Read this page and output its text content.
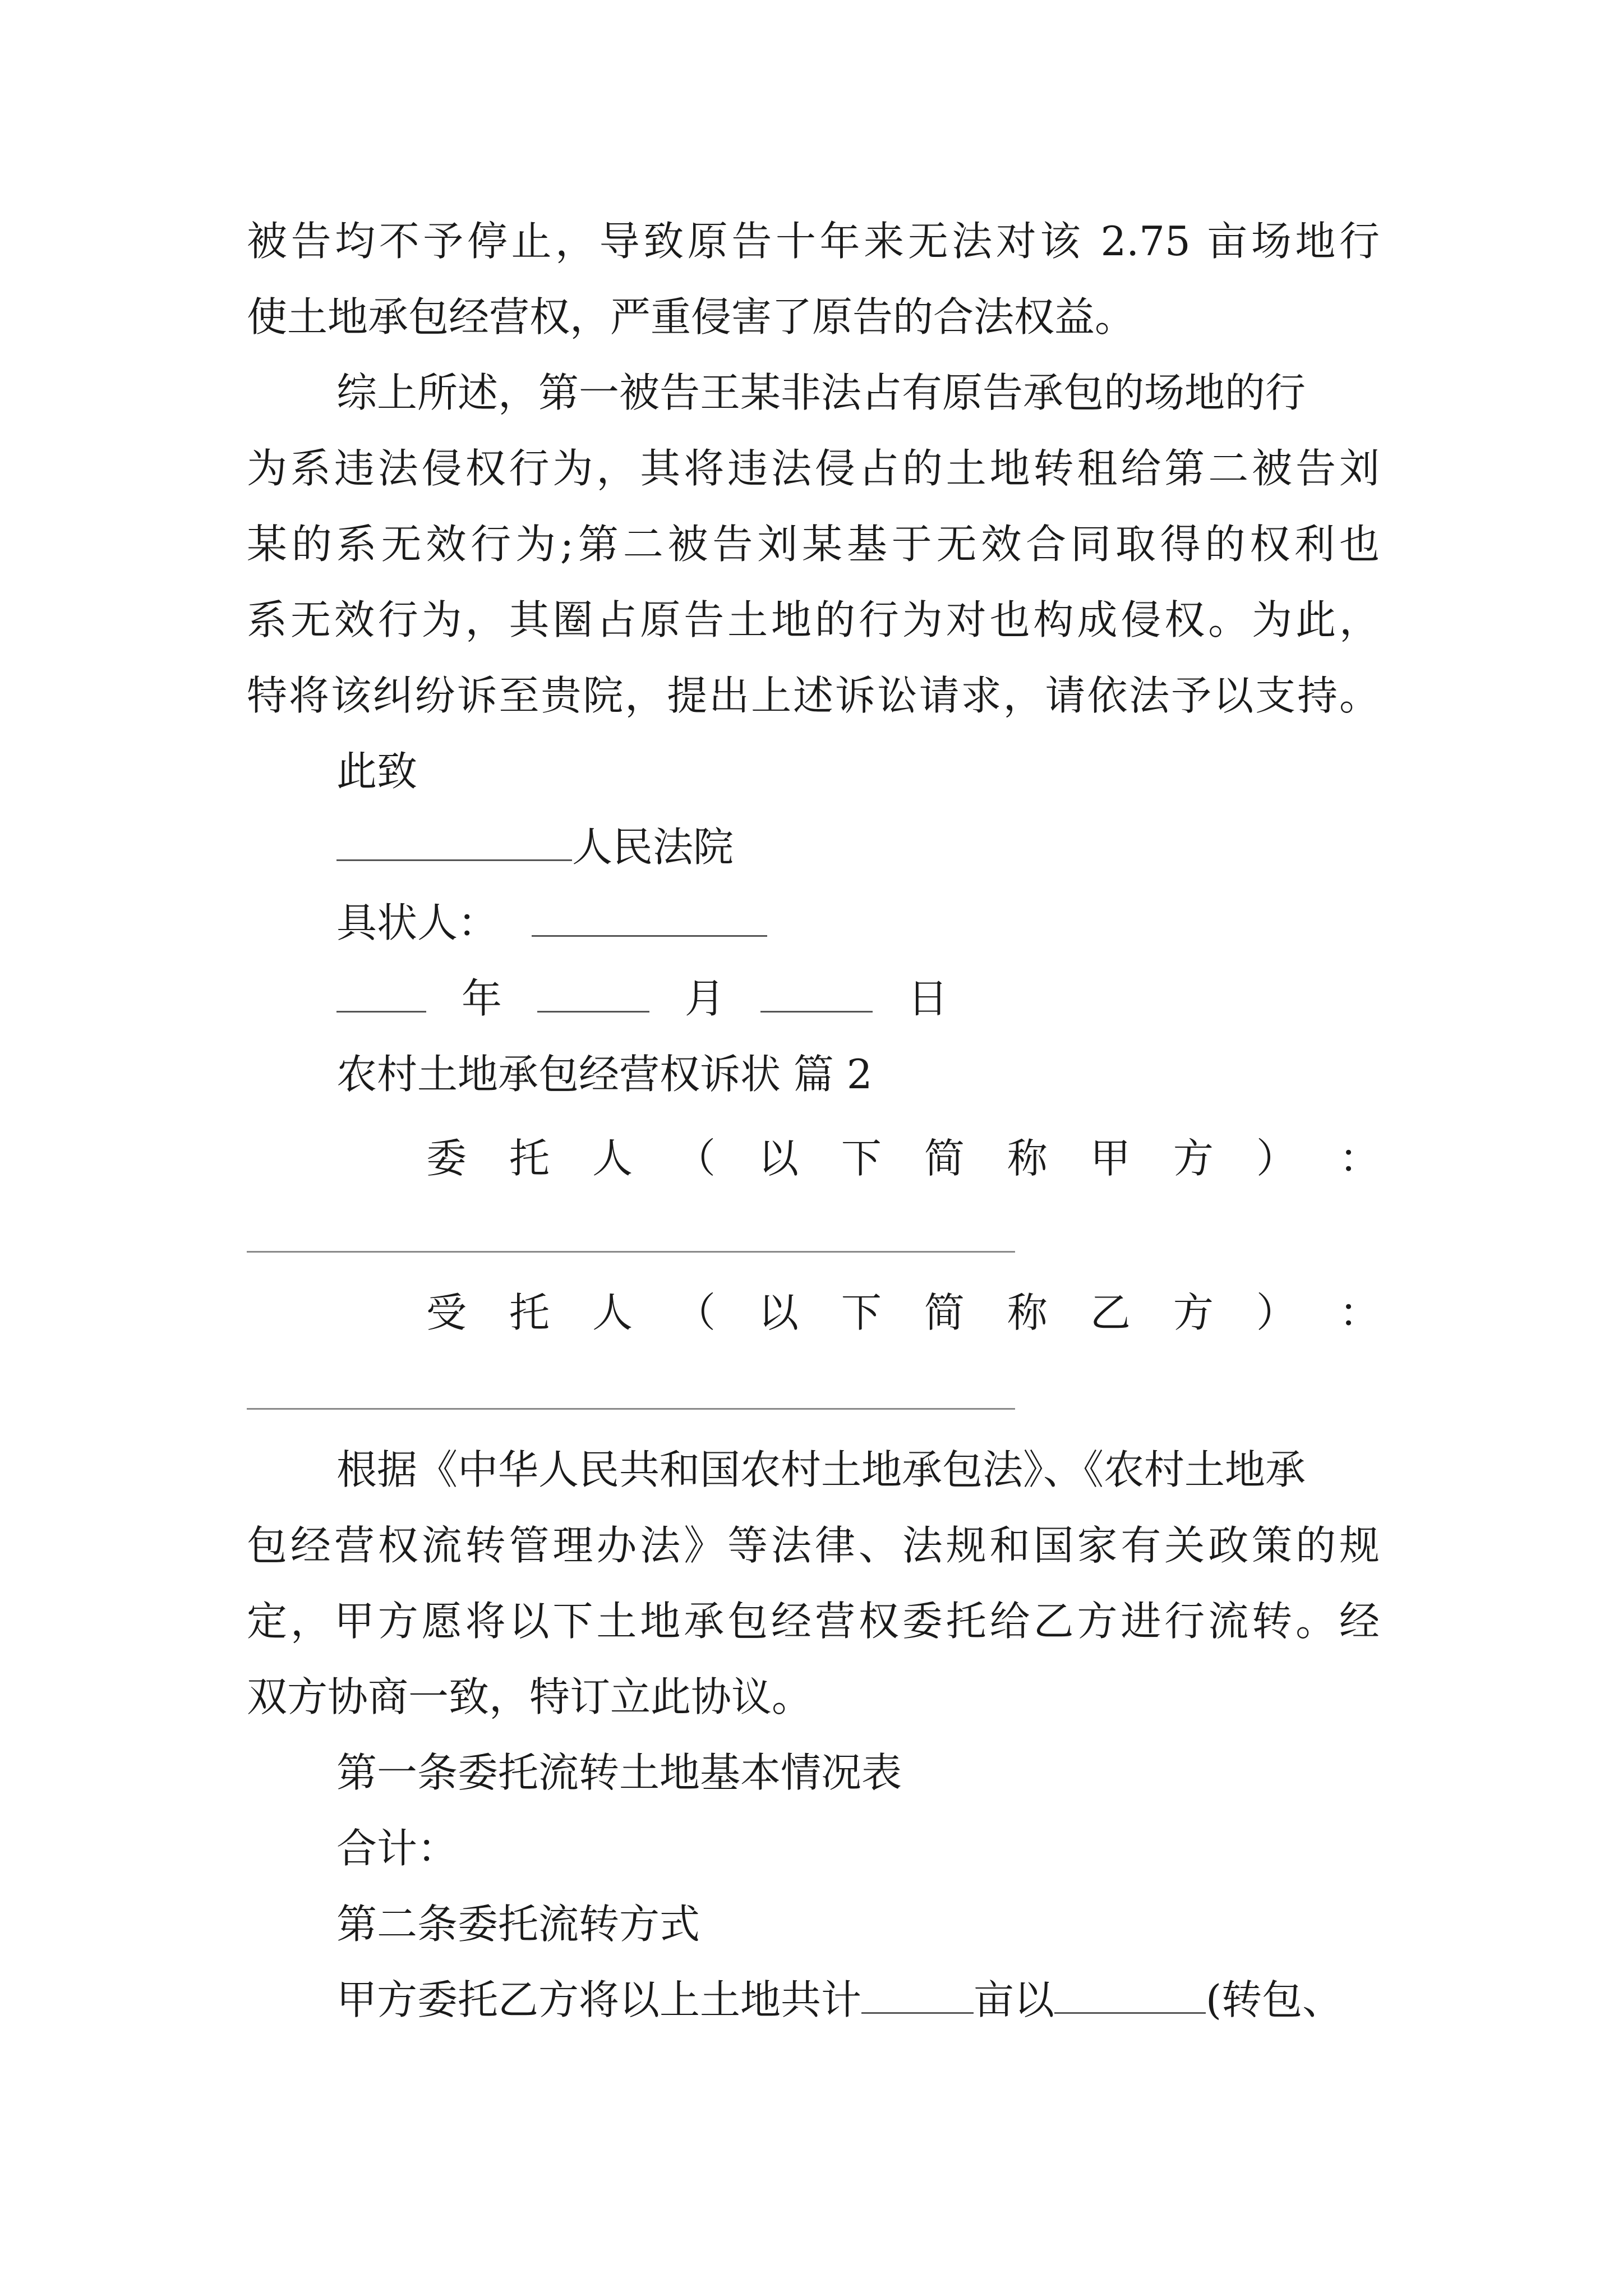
被告均不予停止，导致原告十年来无法对该 2.75 亩场地行
使土地承包经营权，严重侵害了原告的合法权益。
综上所述，第一被告王某非法占有原告承包的场地的行
为系违法侵权行为，其将违法侵占的土地转租给第二被告刘
某的系无效行为;第二被告刘某基于无效合同取得的权利也
系无效行为，其圈占原告土地的行为对也构成侵权。为此，
特将该纠纷诉至贵院，提出上述诉讼请求，请依法予以支持。
此致
人民法院
具状人：
年	月	日
农村土地承包经营权诉状 篇 2
委 托 人 （ 以 下 简 称 甲 方 ） ：
受 托 人 （ 以 下 简 称 乙 方 ） ：
根据《中华人民共和国农村土地承包法》、《农村土地承
包经营权流转管理办法》等法律、法规和国家有关政策的规
定，甲方愿将以下土地承包经营权委托给乙方进行流转。经
双方协商一致，特订立此协议。
第一条委托流转土地基本情况表
合计：
第二条委托流转方式
甲方委托乙方将以上土地共计	亩以	(转包、
